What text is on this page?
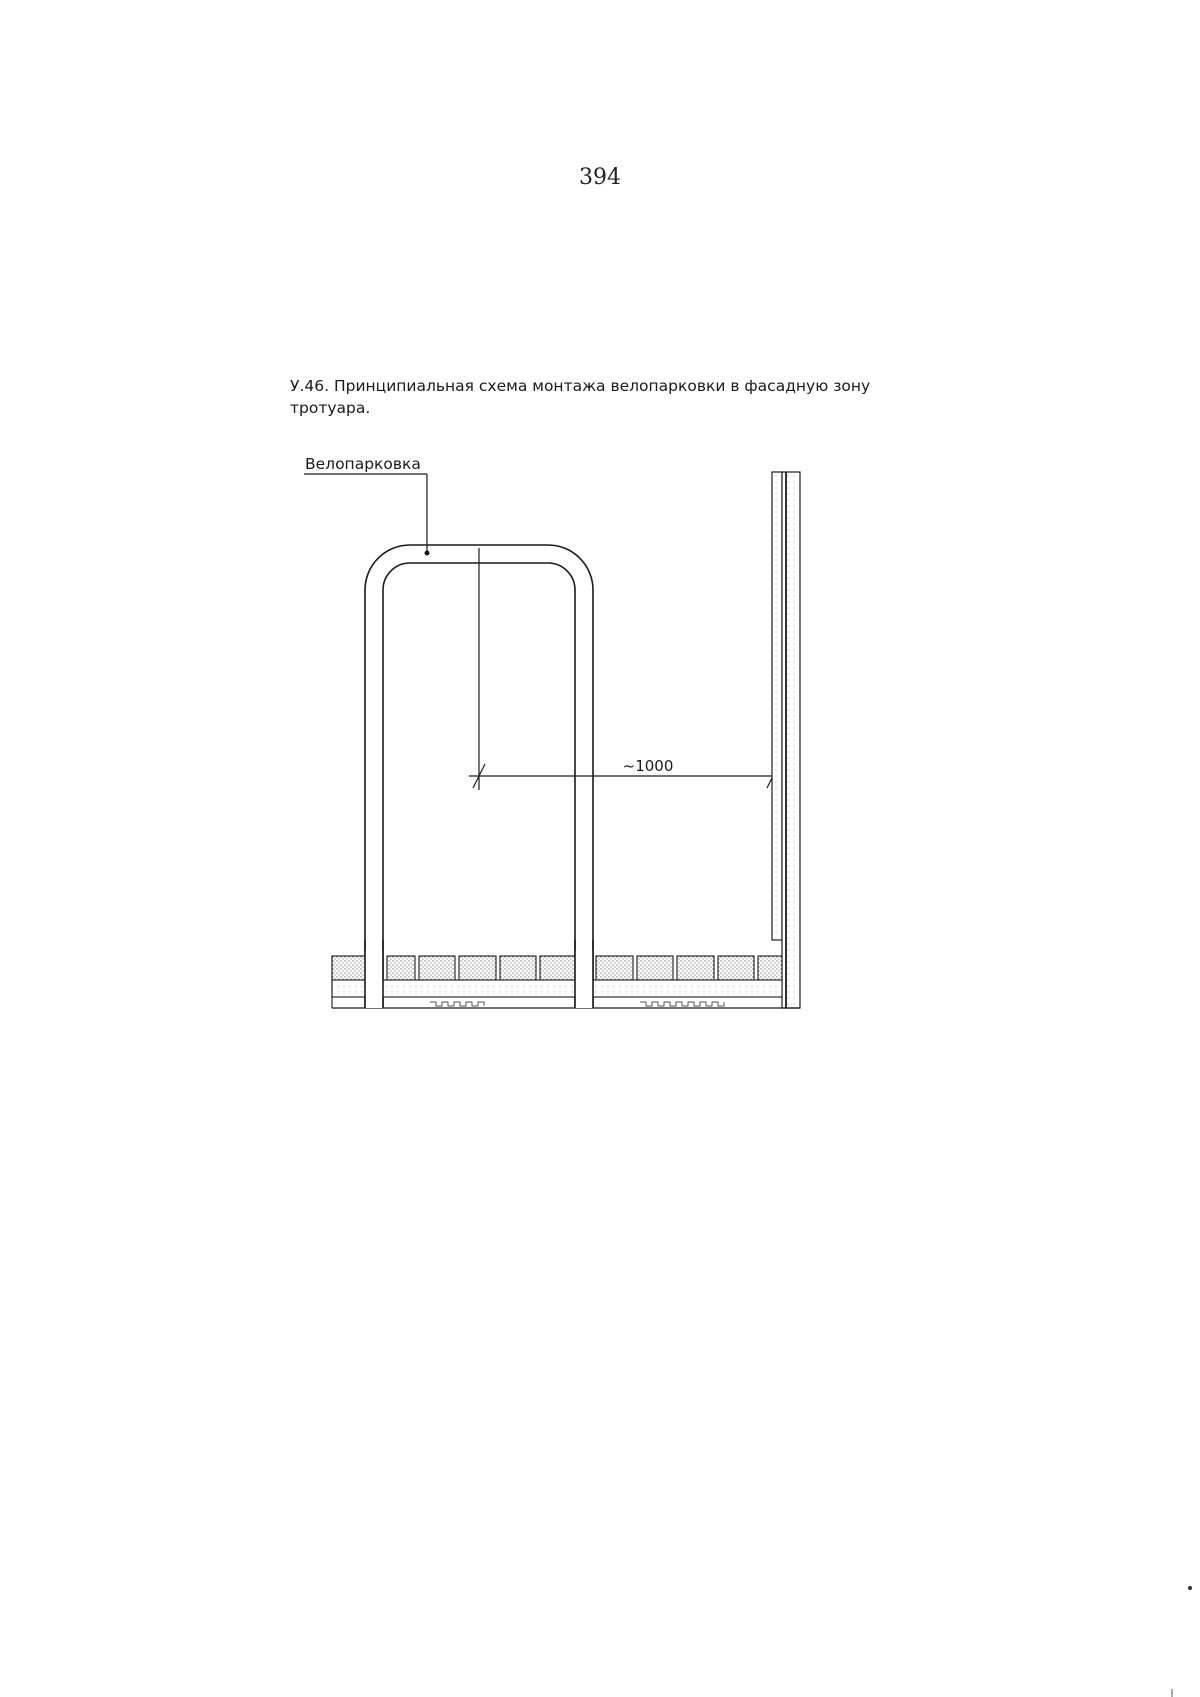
394
У.46. Принципиальная схема монтажа велопарковки в фасадную зону
тротуара.
Велопарковка
~1000
